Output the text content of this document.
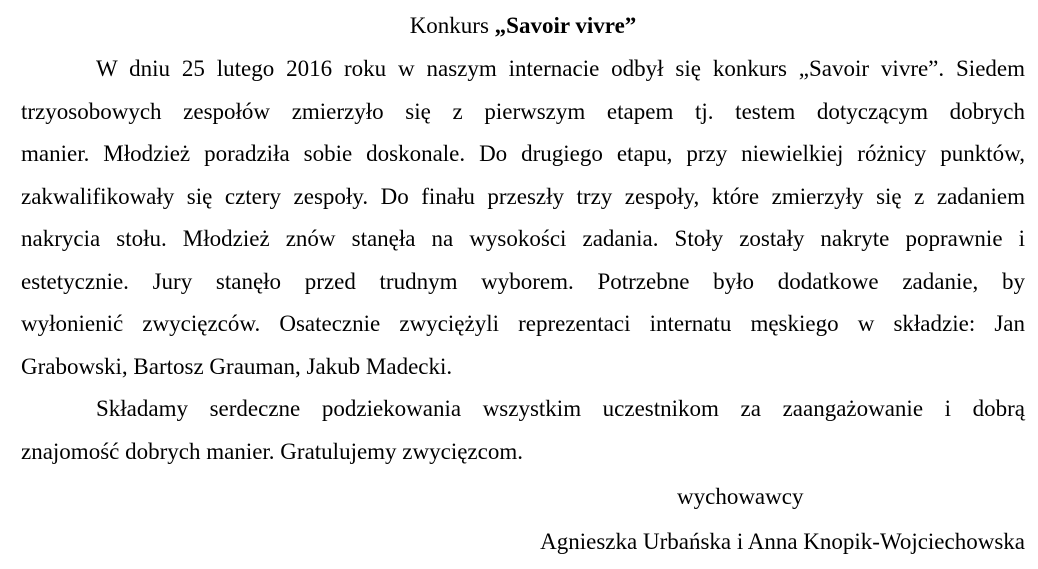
Konkurs „Savoir vivre”
W dniu 25 lutego 2016 roku w naszym internacie odbył się konkurs „Savoir vivre”. Siedem
trzyosobowych zespołów zmierzyło się z pierwszym etapem tj. testem dotyczącym dobrych
manier. Młodzież poradziła sobie doskonale. Do drugiego etapu, przy niewielkiej różnicy punktów,
zakwalifikowały się cztery zespoły. Do finału przeszły trzy zespoły, które zmierzyły się z zadaniem
nakrycia stołu. Młodzież znów stanęła na wysokości zadania. Stoły zostały nakryte poprawnie i
estetycznie. Jury stanęło przed trudnym wyborem. Potrzebne było dodatkowe zadanie, by
wyłonienić zwycięzców. Osatecznie zwyciężyli reprezentaci internatu męskiego w składzie: Jan
Grabowski, Bartosz Grauman, Jakub Madecki.
Składamy serdeczne podziekowania wszystkim uczestnikom za zaangażowanie i dobrą
znajomość dobrych manier. Gratulujemy zwycięzcom.
wychowawcy
Agnieszka Urbańska i Anna Knopik-Wojciechowska
